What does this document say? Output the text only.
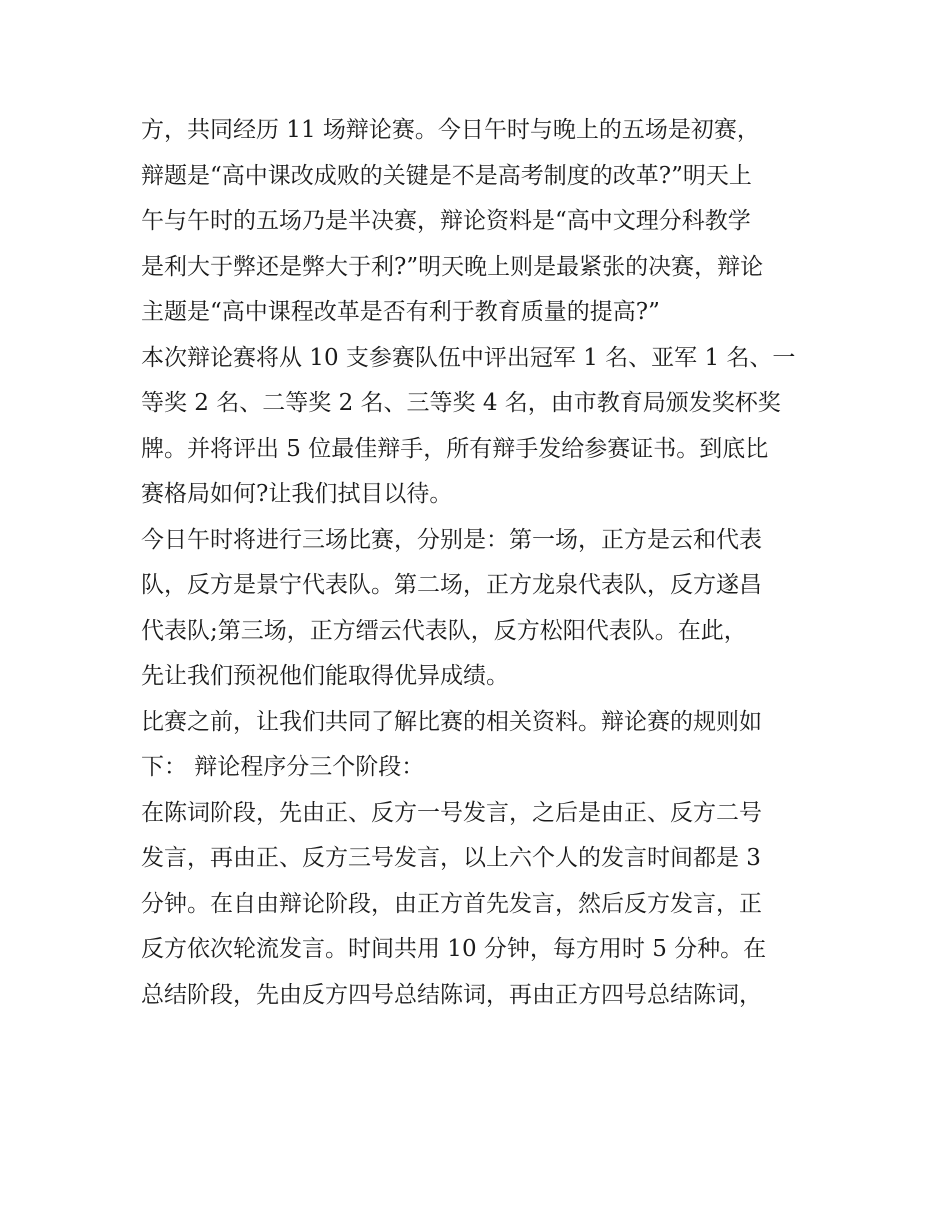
方，共同经历 11 场辩论赛。今日午时与晚上的五场是初赛，
辩题是“高中课改成败的关键是不是高考制度的改革?”明天上
午与午时的五场乃是半决赛，辩论资料是“高中文理分科教学
是利大于弊还是弊大于利?”明天晚上则是最紧张的决赛，辩论
主题是“高中课程改革是否有利于教育质量的提高?”

本次辩论赛将从 10 支参赛队伍中评出冠军 1 名、亚军 1 名、一
等奖 2 名、二等奖 2 名、三等奖 4 名，由市教育局颁发奖杯奖
牌。并将评出 5 位最佳辩手，所有辩手发给参赛证书。到底比
赛格局如何?让我们拭目以待。

今日午时将进行三场比赛，分别是：第一场，正方是云和代表
队，反方是景宁代表队。第二场，正方龙泉代表队，反方遂昌
代表队;第三场，正方缙云代表队，反方松阳代表队。在此，
先让我们预祝他们能取得优异成绩。

比赛之前，让我们共同了解比赛的相关资料。辩论赛的规则如
下： 辩论程序分三个阶段：

在陈词阶段，先由正、反方一号发言，之后是由正、反方二号
发言，再由正、反方三号发言，以上六个人的发言时间都是 3
分钟。在自由辩论阶段，由正方首先发言，然后反方发言，正
反方依次轮流发言。时间共用 10 分钟，每方用时 5 分种。在
总结阶段，先由反方四号总结陈词，再由正方四号总结陈词，
